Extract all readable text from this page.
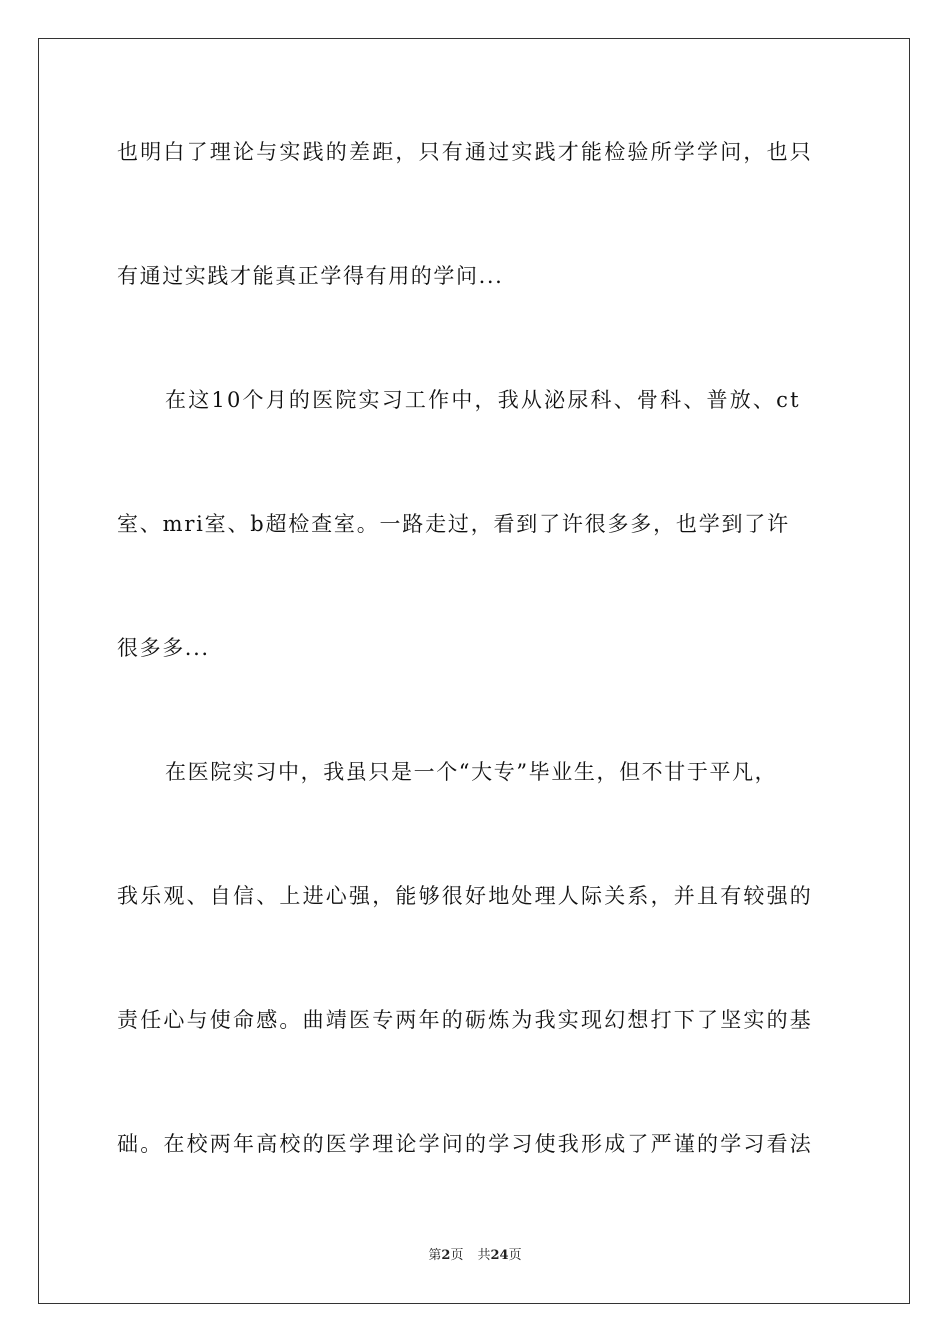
也明白了理论与实践的差距，只有通过实践才能检验所学学问，也只
有通过实践才能真正学得有用的学问...
在这10个月的医院实习工作中，我从泌尿科、骨科、普放、ct
室、mri室、b超检查室。一路走过，看到了许很多多，也学到了许
很多多...
在医院实习中，我虽只是一个“大专”毕业生，但不甘于平凡，
我乐观、自信、上进心强，能够很好地处理人际关系，并且有较强的
责任心与使命感。曲靖医专两年的砺炼为我实现幻想打下了坚实的基
础。在校两年高校的医学理论学问的学习使我形成了严谨的学习看法
第2页 共24页
